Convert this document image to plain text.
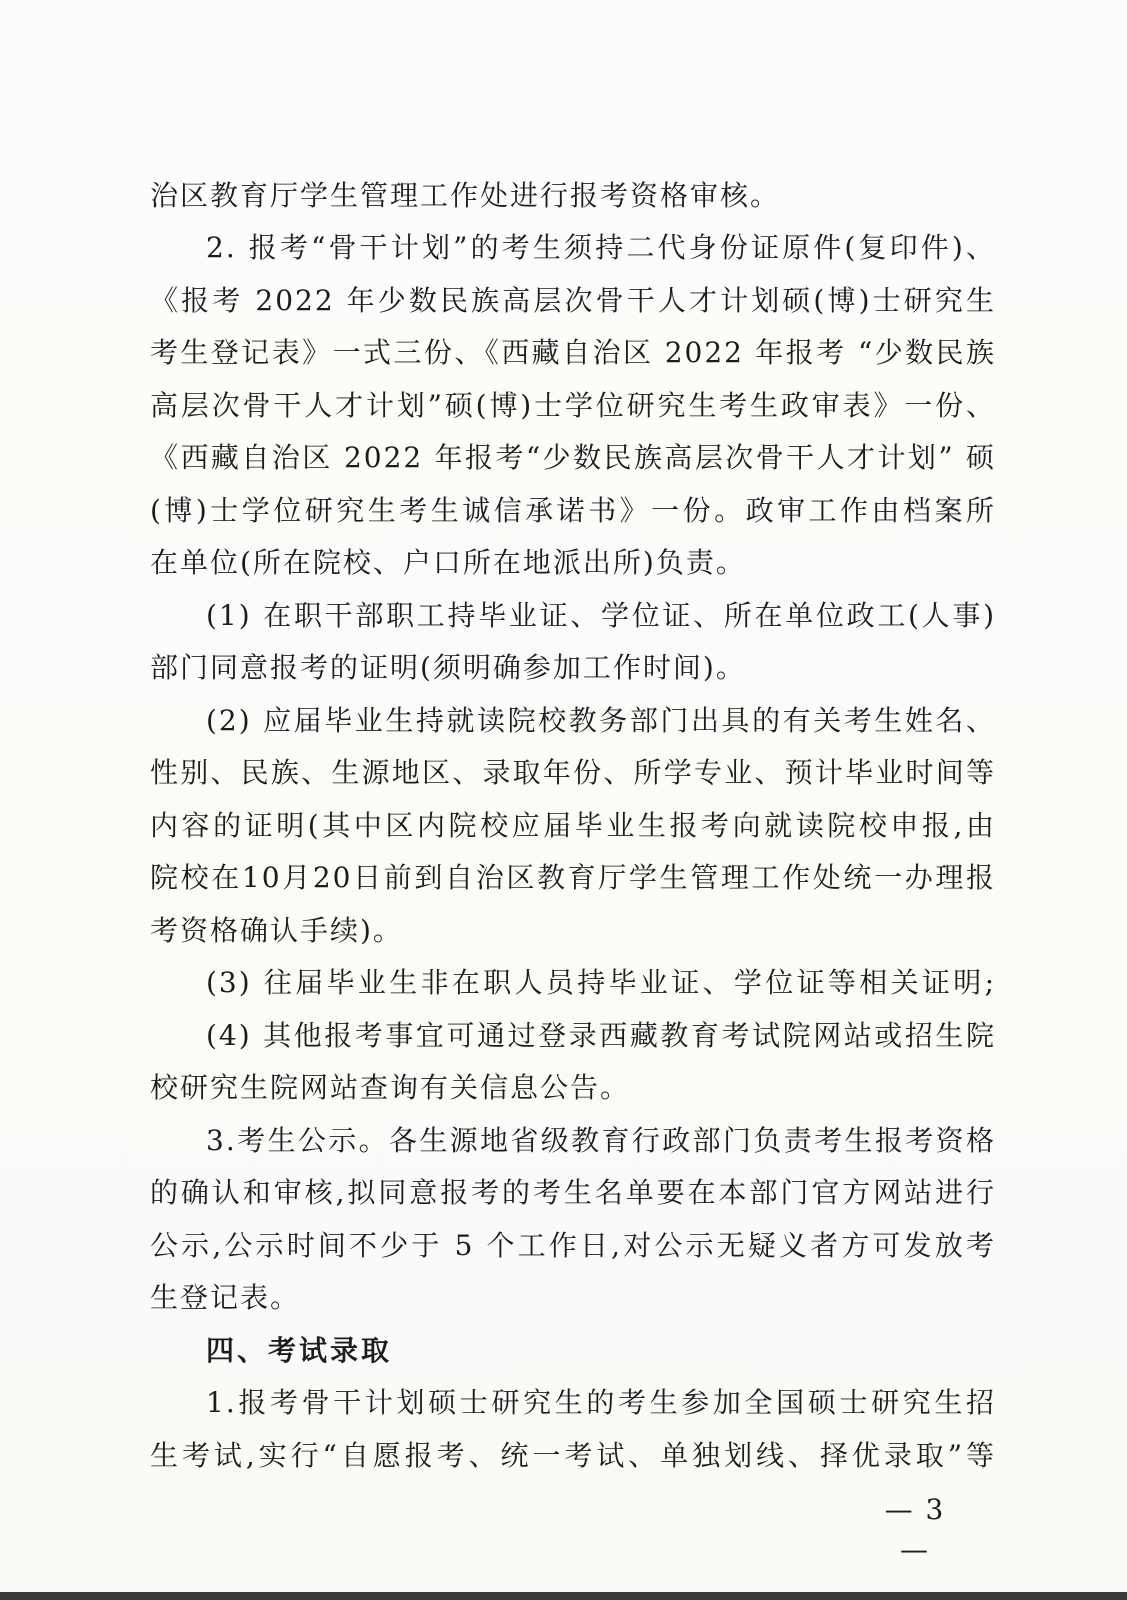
治区教育厅学生管理工作处进行报考资格审核。
2. 报考“骨干计划”的考生须持二代身份证原件(复印件)、
《报考 2022 年少数民族高层次骨干人才计划硕(博)士研究生
考生登记表》一式三份、《西藏自治区 2022 年报考 “少数民族
高层次骨干人才计划”硕(博)士学位研究生考生政审表》一份、
《西藏自治区 2022 年报考“少数民族高层次骨干人才计划” 硕
(博)士学位研究生考生诚信承诺书》一份。政审工作由档案所
在单位(所在院校、户口所在地派出所)负责。
(1) 在职干部职工持毕业证、学位证、所在单位政工(人事)
部门同意报考的证明(须明确参加工作时间)。
(2) 应届毕业生持就读院校教务部门出具的有关考生姓名、
性别、民族、生源地区、录取年份、所学专业、预计毕业时间等
内容的证明(其中区内院校应届毕业生报考向就读院校申报,由
院校在10月20日前到自治区教育厅学生管理工作处统一办理报
考资格确认手续)。
(3) 往届毕业生非在职人员持毕业证、学位证等相关证明;
(4) 其他报考事宜可通过登录西藏教育考试院网站或招生院
校研究生院网站查询有关信息公告。
3.考生公示。各生源地省级教育行政部门负责考生报考资格
的确认和审核,拟同意报考的考生名单要在本部门官方网站进行
公示,公示时间不少于 5 个工作日,对公示无疑义者方可发放考
生登记表。
四、考试录取
1.报考骨干计划硕士研究生的考生参加全国硕士研究生招
生考试,实行“自愿报考、统一考试、单独划线、择优录取”等
— 3 —
